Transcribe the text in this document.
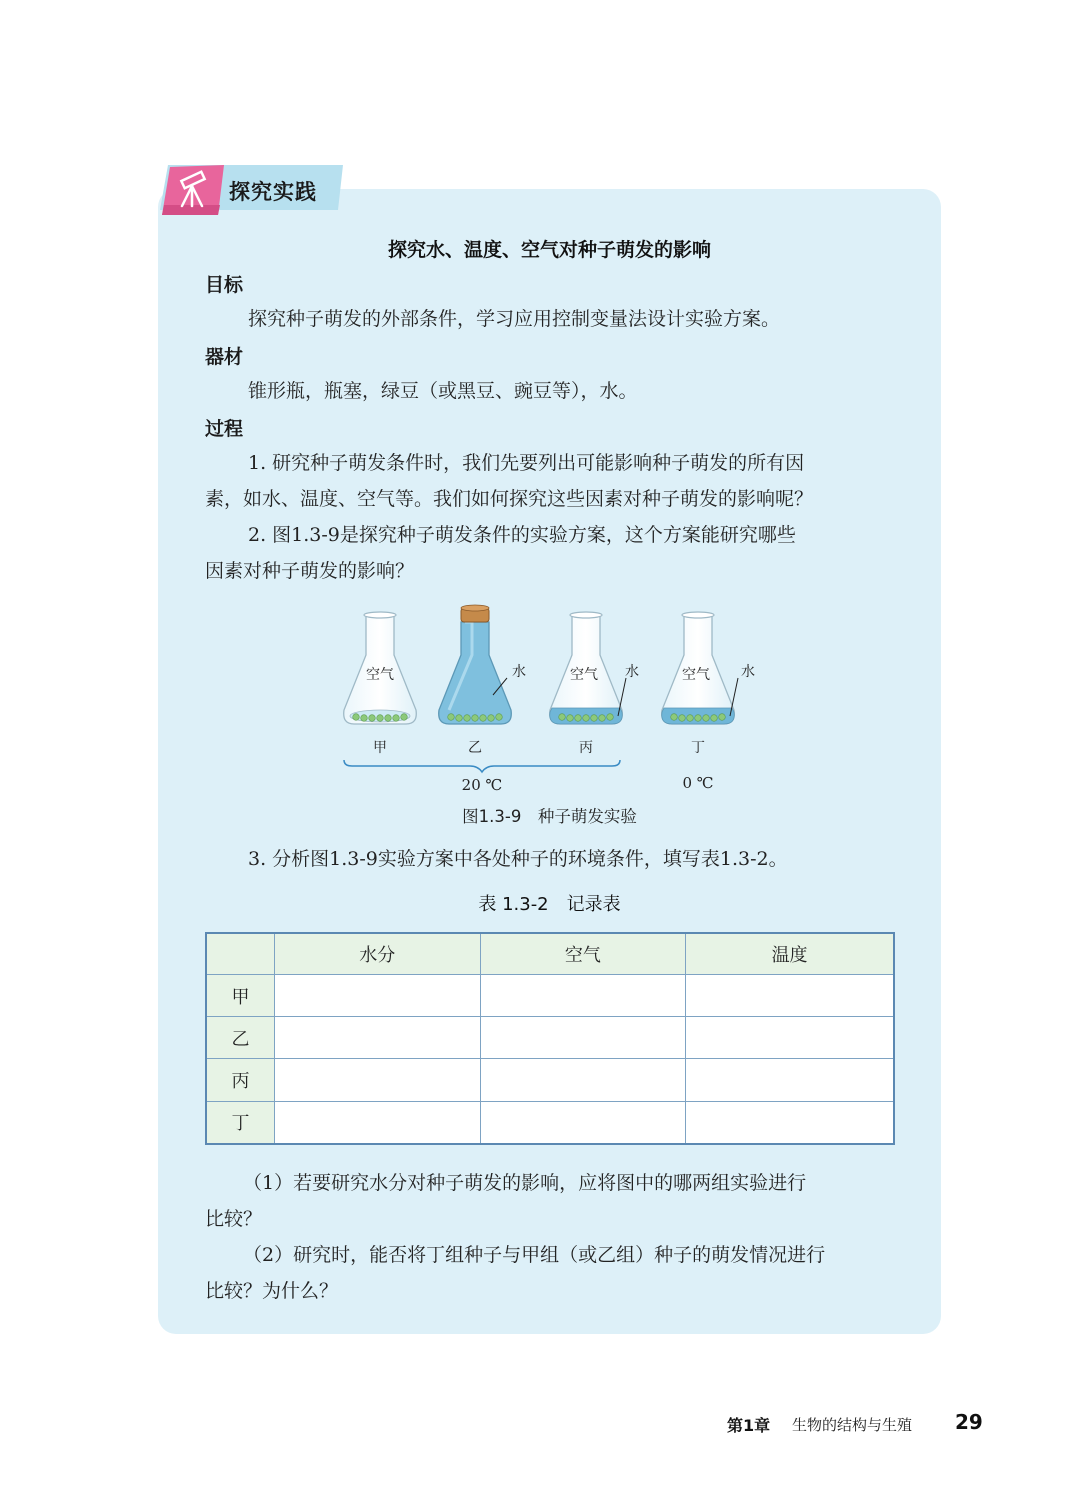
探究实践
探究水、温度、空气对种子萌发的影响
目标
探究种子萌发的外部条件，学习应用控制变量法设计实验方案。
器材
锥形瓶，瓶塞，绿豆（或黑豆、豌豆等），水。
过程
1. 研究种子萌发条件时，我们先要列出可能影响种子萌发的所有因
素，如水、温度、空气等。我们如何探究这些因素对种子萌发的影响呢？
2. 图1.3-9是探究种子萌发条件的实验方案，这个方案能研究哪些
因素对种子萌发的影响？
空气
甲
水
乙
空气 水
丙
空气 水
丁
20 ℃	0 ℃
图1.3-9　种子萌发实验
3. 分析图1.3-9实验方案中各处种子的环境条件，填写表1.3-2。
表 1.3-2　记录表
	水分	空气	温度
甲			
乙			
丙			
丁			
（1）若要研究水分对种子萌发的影响，应将图中的哪两组实验进行
比较？
（2）研究时，能否将丁组种子与甲组（或乙组）种子的萌发情况进行
比较？为什么？
第1章 生物的结构与生殖 29
